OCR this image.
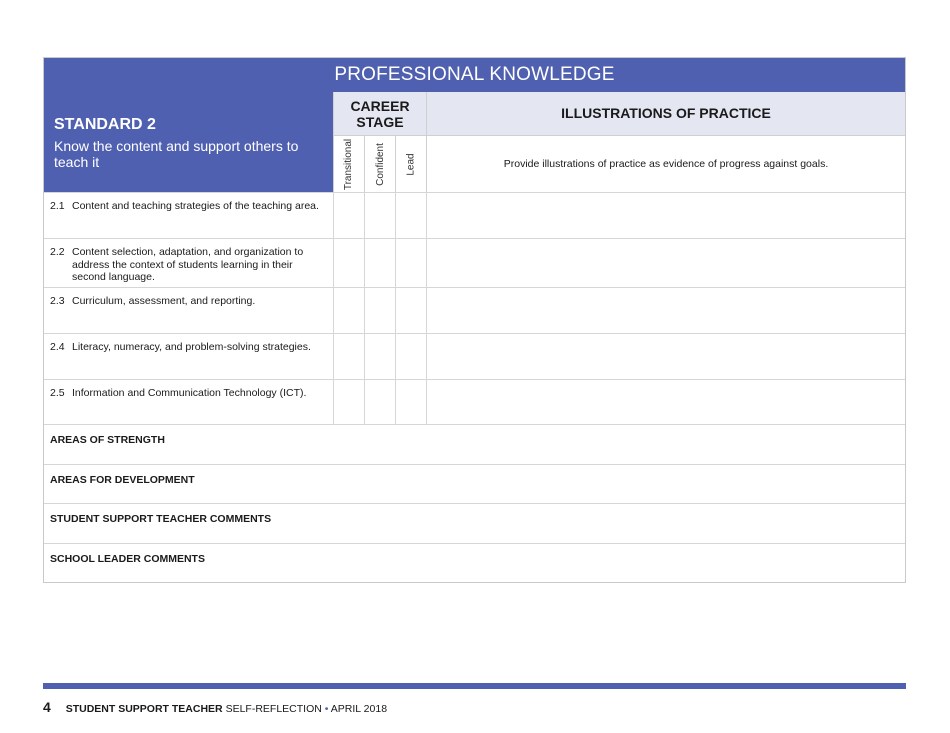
PROFESSIONAL KNOWLEDGE
STANDARD 2
Know the content and support others to teach it
CAREER
STAGE
ILLUSTRATIONS OF PRACTICE
Transitional Confident Lead	Provide illustrations of practice as evidence of progress against goals.
2.1 Content and teaching strategies of the teaching area.
2.2 Content selection, adaptation, and organization to address the context of students learning in their second language.
2.3 Curriculum, assessment, and reporting.
2.4 Literacy, numeracy, and problem-solving strategies.
2.5 Information and Communication Technology (ICT).
AREAS OF STRENGTH
AREAS FOR DEVELOPMENT
STUDENT SUPPORT TEACHER COMMENTS
SCHOOL LEADER COMMENTS
4 STUDENT SUPPORT TEACHER SELF-REFLECTION • APRIL 2018
